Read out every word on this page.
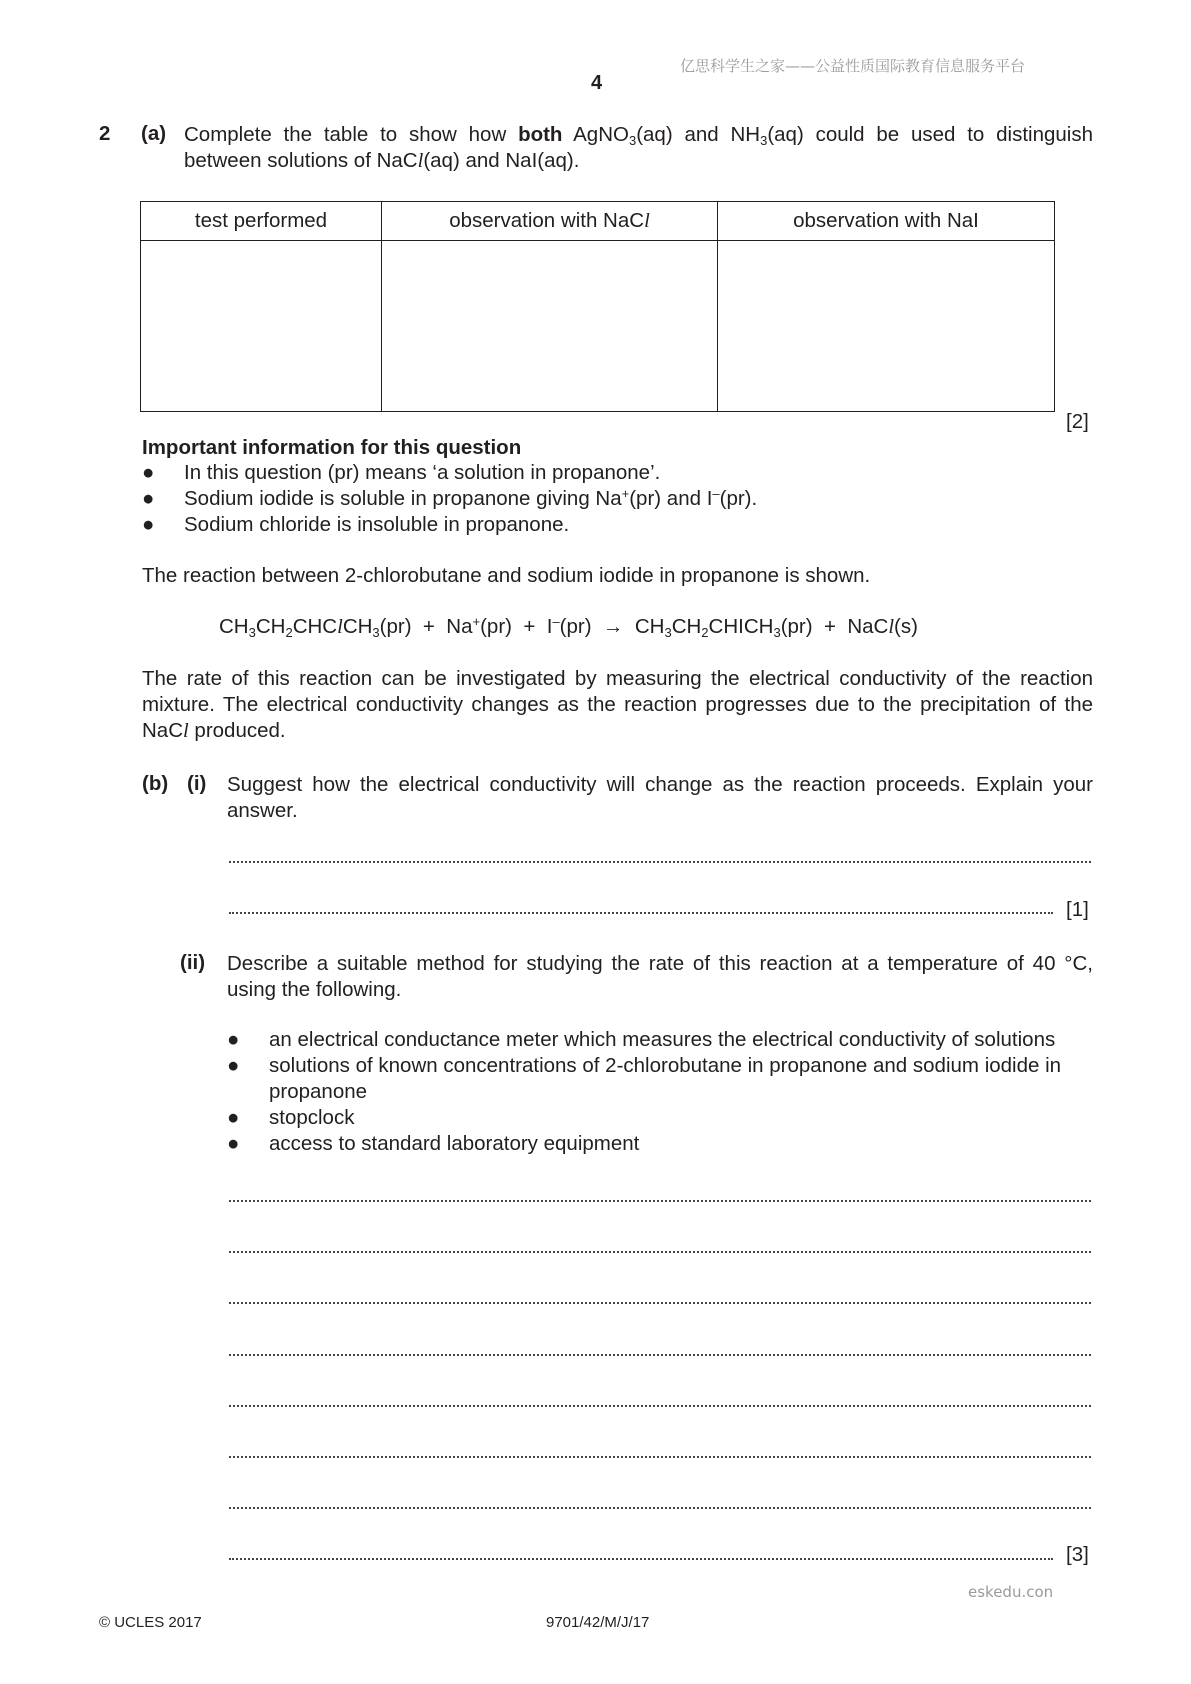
亿思科学生之家——公益性质国际教育信息服务平台
4
2 (a) Complete the table to show how both AgNO$_3$(aq) and $NH_3(aq)$ could be used to distinguish
between solutions of NaCl(aq) and NaI(aq).
test performed	observation with NaCl	observation with NaI

[2]
Important information for this question
● In this question (pr) means ‘a solution in propanone’.
● Sodium iodide is soluble in propanone giving Na+(pr) and I–(pr).
● Sodium chloride is insoluble in propanone.
The reaction between 2-chlorobutane and sodium iodide in propanone is shown.
$CH_3CH_2CHClCH_3(pr) + Na^+(pr) + I^-(pr)$  →  $CH_3CH_2CHICH_3(pr)$  +  NaCl(s)
The rate of this reaction can be investigated by measuring the electrical conductivity of the reaction mixture. The electrical conductivity changes as the reaction progresses due to the precipitation of the NaCl produced.
(b) (i) Suggest how the electrical conductivity will change as the reaction proceeds. Explain your answer.
[1]
(ii) Describe a suitable method for studying the rate of this reaction at a temperature of 40 °C, using the following.
● an electrical conductance meter which measures the electrical conductivity of solutions
● solutions of known concentrations of 2-chlorobutane in propanone and sodium iodide in propanone
● stopclock
● access to standard laboratory equipment
[3]
eskedu.con
© UCLES 2017	9701/42/M/J/17
